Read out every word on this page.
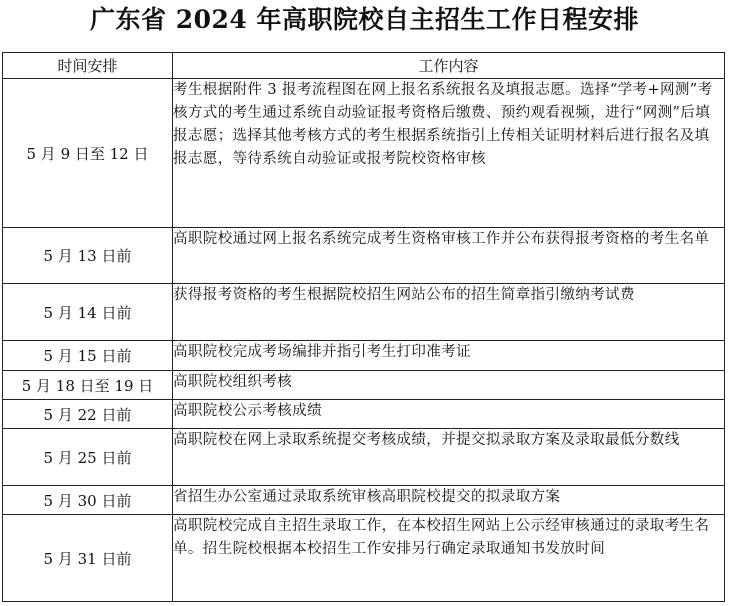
广东省 2024 年高职院校自主招生工作日程安排
时间安排	工作内容
5 月 9 日至 12 日	考生根据附件 3 报考流程图在网上报名系统报名及填报志愿。选择“学考+网测”考核方式的考生通过系统自动验证报考资格后缴费、预约观看视频，进行“网测”后填报志愿；选择其他考核方式的考生根据系统指引上传相关证明材料后进行报名及填报志愿，等待系统自动验证或报考院校资格审核
5 月 13 日前	高职院校通过网上报名系统完成考生资格审核工作并公布获得报考资格的考生名单
5 月 14 日前	获得报考资格的考生根据院校招生网站公布的招生简章指引缴纳考试费
5 月 15 日前	高职院校完成考场编排并指引考生打印准考证
5 月 18 日至 19 日	高职院校组织考核
5 月 22 日前	高职院校公示考核成绩
5 月 25 日前	高职院校在网上录取系统提交考核成绩，并提交拟录取方案及录取最低分数线
5 月 30 日前	省招生办公室通过录取系统审核高职院校提交的拟录取方案
5 月 31 日前	高职院校完成自主招生录取工作，在本校招生网站上公示经审核通过的录取考生名单。招生院校根据本校招生工作安排另行确定录取通知书发放时间
